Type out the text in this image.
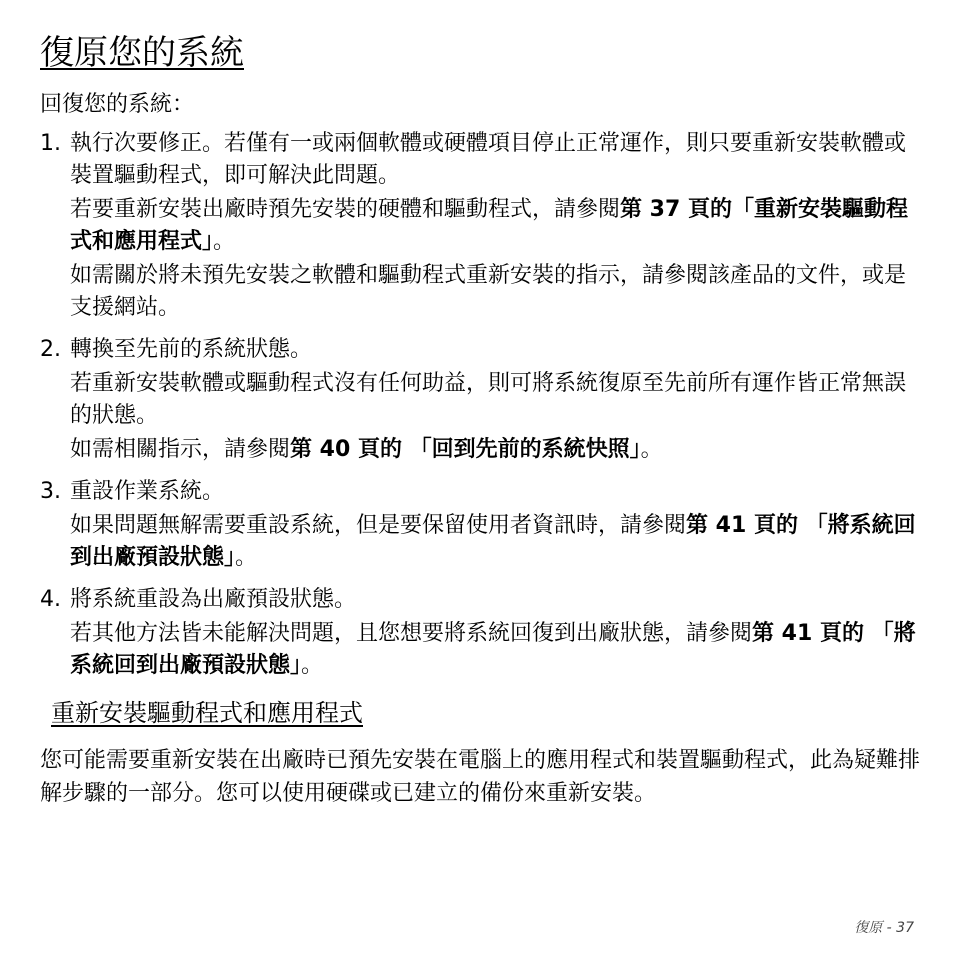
復原您的系統
回復您的系統：
1. 執行次要修正。若僅有一或兩個軟體或硬體項目停止正常運作，則只要重新安裝軟體或裝置驅動程式，即可解決此問題。

若要重新安裝出廠時預先安裝的硬體和驅動程式，請參閱第 37 頁的「重新安裝驅動程式和應用程式」。

如需關於將未預先安裝之軟體和驅動程式重新安裝的指示，請參閱該產品的文件，或是支援網站。

2. 轉換至先前的系統狀態。

若重新安裝軟體或驅動程式沒有任何助益，則可將系統復原至先前所有運作皆正常無誤的狀態。

如需相關指示，請參閱第 40 頁的 「回到先前的系統快照」。

3. 重設作業系統。

如果問題無解需要重設系統，但是要保留使用者資訊時，請參閱第 41 頁的 「將系統回到出廠預設狀態」。

4. 將系統重設為出廠預設狀態。

若其他方法皆未能解決問題，且您想要將系統回復到出廠狀態，請參閱第 41 頁的 「將系統回到出廠預設狀態」。

重新安裝驅動程式和應用程式

您可能需要重新安裝在出廠時已預先安裝在電腦上的應用程式和裝置驅動程式，此為疑難排解步驟的一部分。您可以使用硬碟或已建立的備份來重新安裝。

復原 - 37
